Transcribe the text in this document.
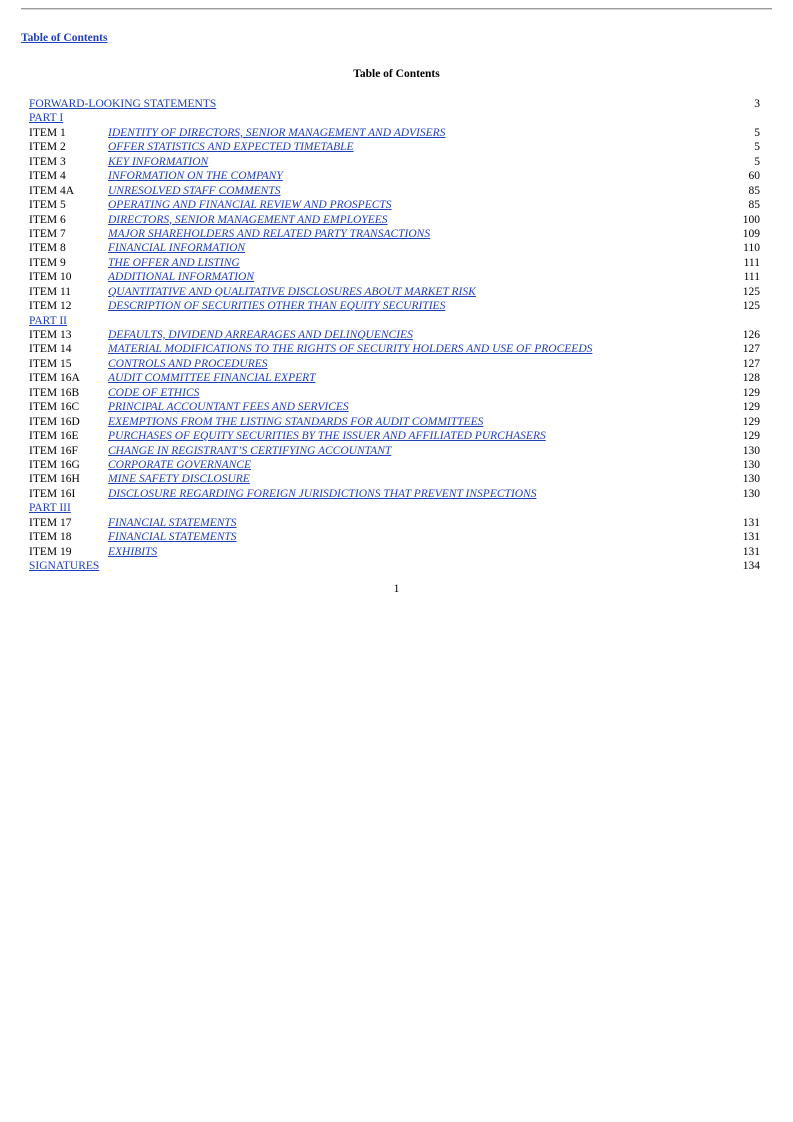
Table of Contents
Table of Contents
FORWARD-LOOKING STATEMENTS	3
PART I
ITEM 1	IDENTITY OF DIRECTORS, SENIOR MANAGEMENT AND ADVISERS	5
ITEM 2	OFFER STATISTICS AND EXPECTED TIMETABLE	5
ITEM 3	KEY INFORMATION	5
ITEM 4	INFORMATION ON THE COMPANY	60
ITEM 4A	UNRESOLVED STAFF COMMENTS	85
ITEM 5	OPERATING AND FINANCIAL REVIEW AND PROSPECTS	85
ITEM 6	DIRECTORS, SENIOR MANAGEMENT AND EMPLOYEES	100
ITEM 7	MAJOR SHAREHOLDERS AND RELATED PARTY TRANSACTIONS	109
ITEM 8	FINANCIAL INFORMATION	110
ITEM 9	THE OFFER AND LISTING	111
ITEM 10	ADDITIONAL INFORMATION	111
ITEM 11	QUANTITATIVE AND QUALITATIVE DISCLOSURES ABOUT MARKET RISK	125
ITEM 12	DESCRIPTION OF SECURITIES OTHER THAN EQUITY SECURITIES	125
PART II
ITEM 13	DEFAULTS, DIVIDEND ARREARAGES AND DELINQUENCIES	126
ITEM 14	MATERIAL MODIFICATIONS TO THE RIGHTS OF SECURITY HOLDERS AND USE OF PROCEEDS	127
ITEM 15	CONTROLS AND PROCEDURES	127
ITEM 16A AUDIT COMMITTEE FINANCIAL EXPERT	128
ITEM 16B	CODE OF ETHICS	129
ITEM 16C	PRINCIPAL ACCOUNTANT FEES AND SERVICES	129
ITEM 16D EXEMPTIONS FROM THE LISTING STANDARDS FOR AUDIT COMMITTEES	129
ITEM 16E	PURCHASES OF EQUITY SECURITIES BY THE ISSUER AND AFFILIATED PURCHASERS	129
ITEM 16F	CHANGE IN REGISTRANT’S CERTIFYING ACCOUNTANT	130
ITEM 16G CORPORATE GOVERNANCE	130
ITEM 16H MINE SAFETY DISCLOSURE	130
ITEM 16I	DISCLOSURE REGARDING FOREIGN JURISDICTIONS THAT PREVENT INSPECTIONS	130
PART III
ITEM 17	FINANCIAL STATEMENTS	131
ITEM 18	FINANCIAL STATEMENTS	131
ITEM 19	EXHIBITS	131
SIGNATURES	134
1
